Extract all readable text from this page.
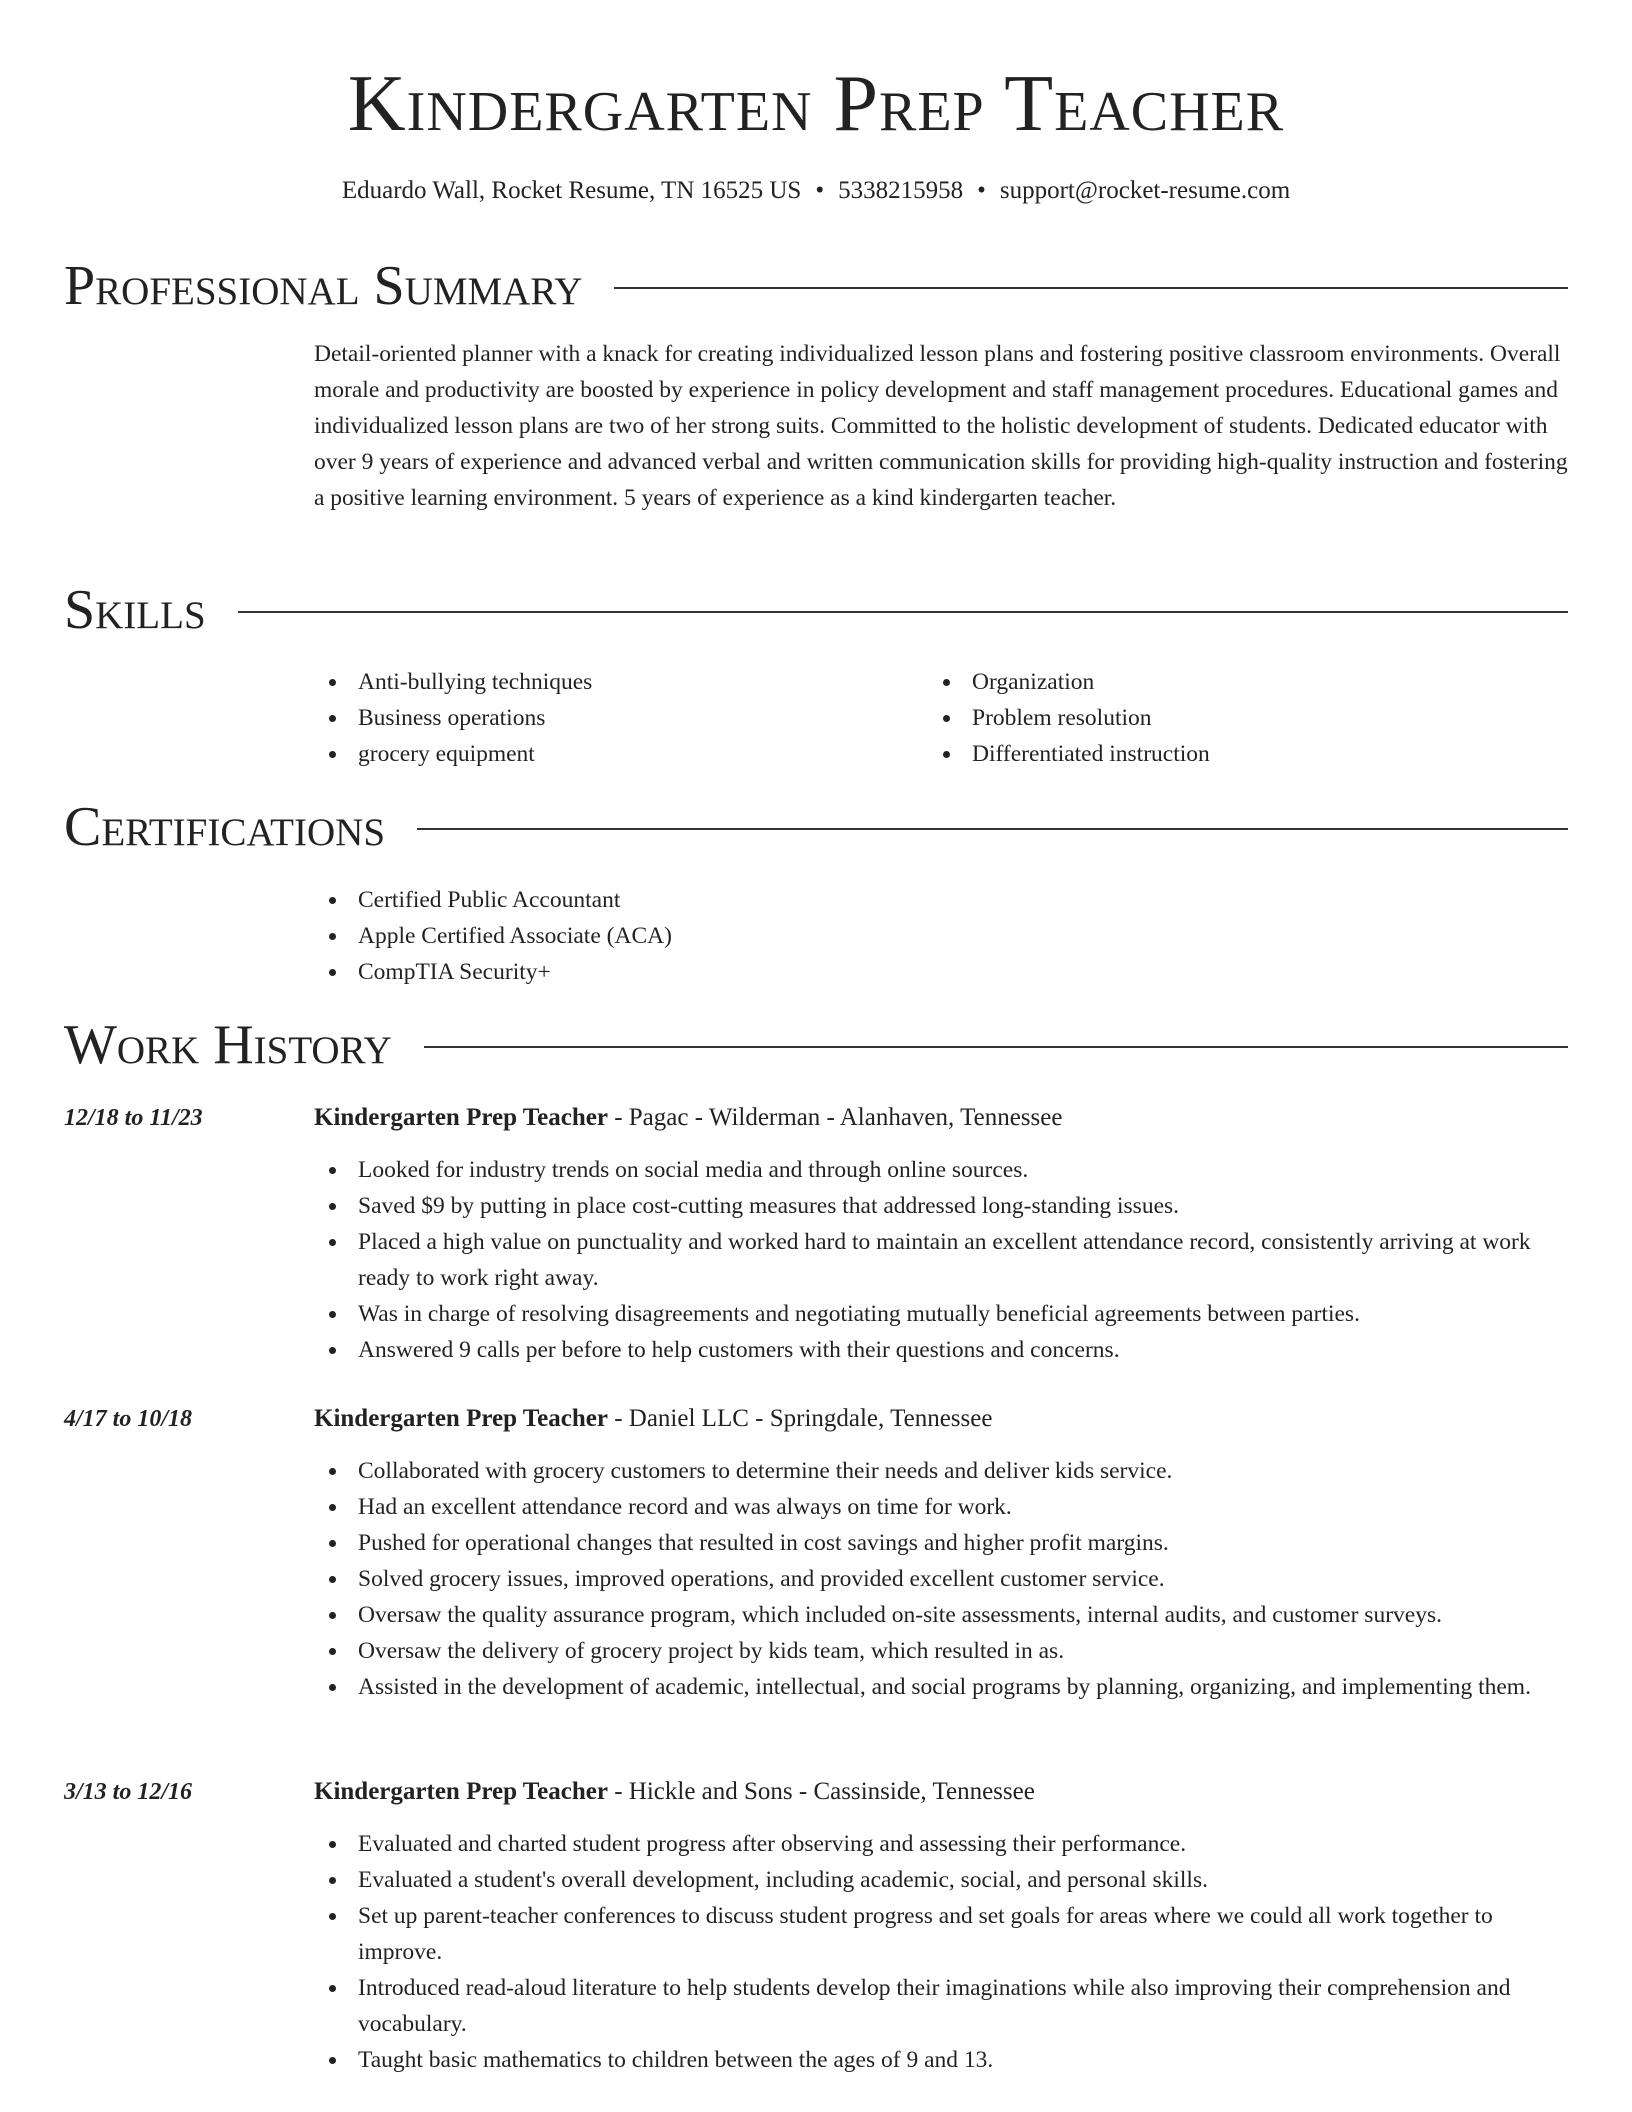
Kindergarten Prep Teacher
Eduardo Wall, Rocket Resume, TN 16525 US • 5338215958 • support@rocket-resume.com
Professional Summary
Detail-oriented planner with a knack for creating individualized lesson plans and fostering positive classroom environments. Overall morale and productivity are boosted by experience in policy development and staff management procedures. Educational games and individualized lesson plans are two of her strong suits. Committed to the holistic development of students. Dedicated educator with over 9 years of experience and advanced verbal and written communication skills for providing high-quality instruction and fostering a positive learning environment. 5 years of experience as a kind kindergarten teacher.
Skills
Anti-bullying techniques
Business operations
grocery equipment
Organization
Problem resolution
Differentiated instruction
Certifications
Certified Public Accountant
Apple Certified Associate (ACA)
CompTIA Security+
Work History
12/18 to 11/23	Kindergarten Prep Teacher - Pagac - Wilderman - Alanhaven, Tennessee
Looked for industry trends on social media and through online sources.
Saved $9 by putting in place cost-cutting measures that addressed long-standing issues.
Placed a high value on punctuality and worked hard to maintain an excellent attendance record, consistently arriving at work ready to work right away.
Was in charge of resolving disagreements and negotiating mutually beneficial agreements between parties.
Answered 9 calls per before to help customers with their questions and concerns.
4/17 to 10/18	Kindergarten Prep Teacher - Daniel LLC - Springdale, Tennessee
Collaborated with grocery customers to determine their needs and deliver kids service.
Had an excellent attendance record and was always on time for work.
Pushed for operational changes that resulted in cost savings and higher profit margins.
Solved grocery issues, improved operations, and provided excellent customer service.
Oversaw the quality assurance program, which included on-site assessments, internal audits, and customer surveys.
Oversaw the delivery of grocery project by kids team, which resulted in as.
Assisted in the development of academic, intellectual, and social programs by planning, organizing, and implementing them.
3/13 to 12/16	Kindergarten Prep Teacher - Hickle and Sons - Cassinside, Tennessee
Evaluated and charted student progress after observing and assessing their performance.
Evaluated a student's overall development, including academic, social, and personal skills.
Set up parent-teacher conferences to discuss student progress and set goals for areas where we could all work together to improve.
Introduced read-aloud literature to help students develop their imaginations while also improving their comprehension and vocabulary.
Taught basic mathematics to children between the ages of 9 and 13.
